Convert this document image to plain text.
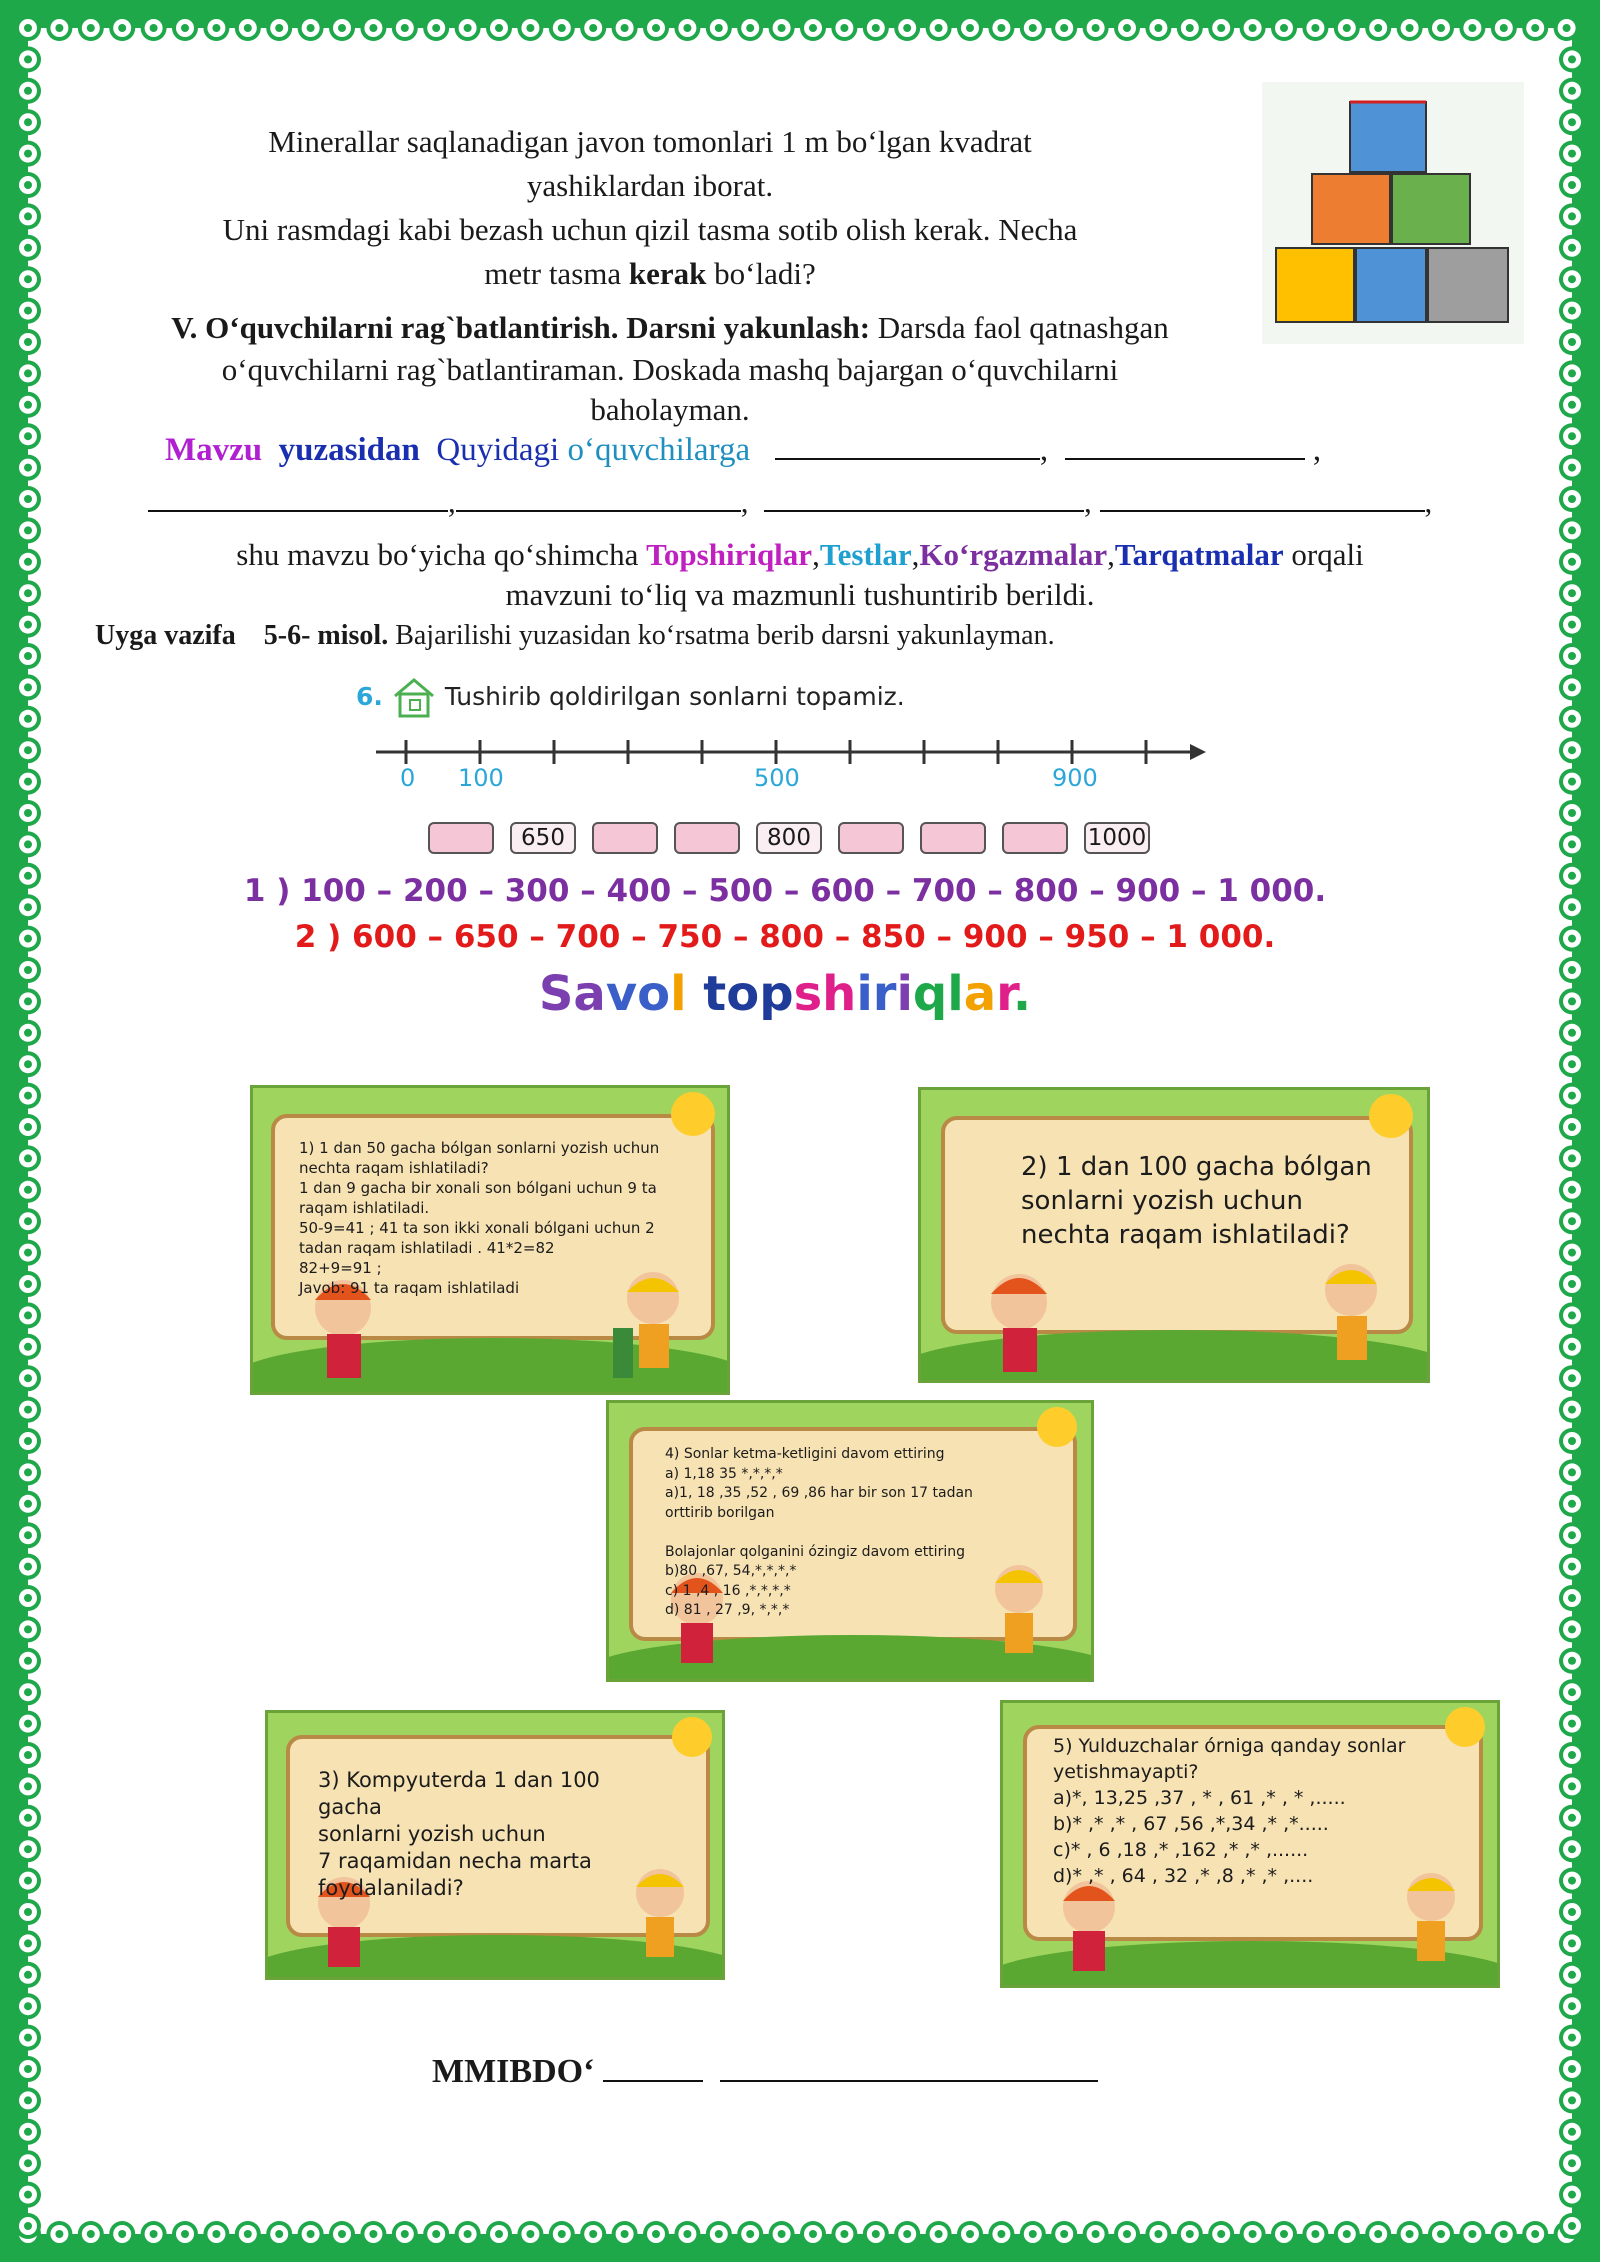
Minerallar saqlanadigan javon tomonlari 1 m bo‘lgan kvadrat
yashiklardan iborat.
Uni rasmdagi kabi bezash uchun qizil tasma sotib olish kerak. Necha
metr tasma kerak bo‘ladi?
V. O‘quvchilarni rag`batlantirish. Darsni yakunlash: Darsda faol qatnashgan
o‘quvchilarni rag`batlantiraman. Doskada mashq bajargan o‘quvchilarni
baholayman.
Mavzu yuzasidan Quyidagi o‘quvchilarga	,	,
,	,	,	,
shu mavzu bo‘yicha qo‘shimcha Topshiriqlar,Testlar,Ko‘rgazmalar,Tarqatmalar orqali
mavzuni to‘liq va mazmunli tushuntirib berildi.
Uyga vazifa 5-6- misol. Bajarilishi yuzasidan ko‘rsatma berib darsni yakunlayman.
6. Tushirib qoldirilgan sonlarni topamiz.
0 100	500	900
650	800	1000
1 ) 100 – 200 – 300 – 400 – 500 – 600 – 700 – 800 – 900 – 1 000.
2 ) 600 – 650 – 700 – 750 – 800 – 850 – 900 – 950 – 1 000.
Savol topshiriqlar.
1) 1 dan 50 gacha bólgan sonlarni yozish uchun
nechta raqam ishlatiladi?
1 dan 9 gacha bir xonali son bólgani uchun 9 ta
raqam ishlatiladi.
50-9=41 ; 41 ta son ikki xonali bólgani uchun 2
tadan raqam ishlatiladi . 41*2=82
82+9=91 ;
Javob: 91 ta raqam ishlatiladi
2) 1 dan 100 gacha bólgan
sonlarni yozish uchun
nechta raqam ishlatiladi?
4) Sonlar ketma-ketligini davom ettiring
a) 1,18 35 *,*,*,*
a)1, 18 ,35 ,52 , 69 ,86 har bir son 17 tadan
orttirib borilgan

Bolajonlar qolganini ózingiz davom ettiring
b)80 ,67, 54,*,*,*,*
c) 1 ,4 , 16 ,*,*,*,*
d) 81 , 27 ,9, *,*,*
3) Kompyuterda 1 dan 100
gacha
sonlarni yozish uchun
7 raqamidan necha marta
foydalaniladi?
5) Yulduzchalar órniga qanday sonlar
yetishmayapti?
a)*, 13,25 ,37 , * , 61 ,* , * ,.....
b)* ,* ,* , 67 ,56 ,*,34 ,* ,*.....
c)* , 6 ,18 ,* ,162 ,* ,* ,......
d)* ,* , 64 , 32 ,* ,8 ,* ,* ,....
MMIBDO‘
